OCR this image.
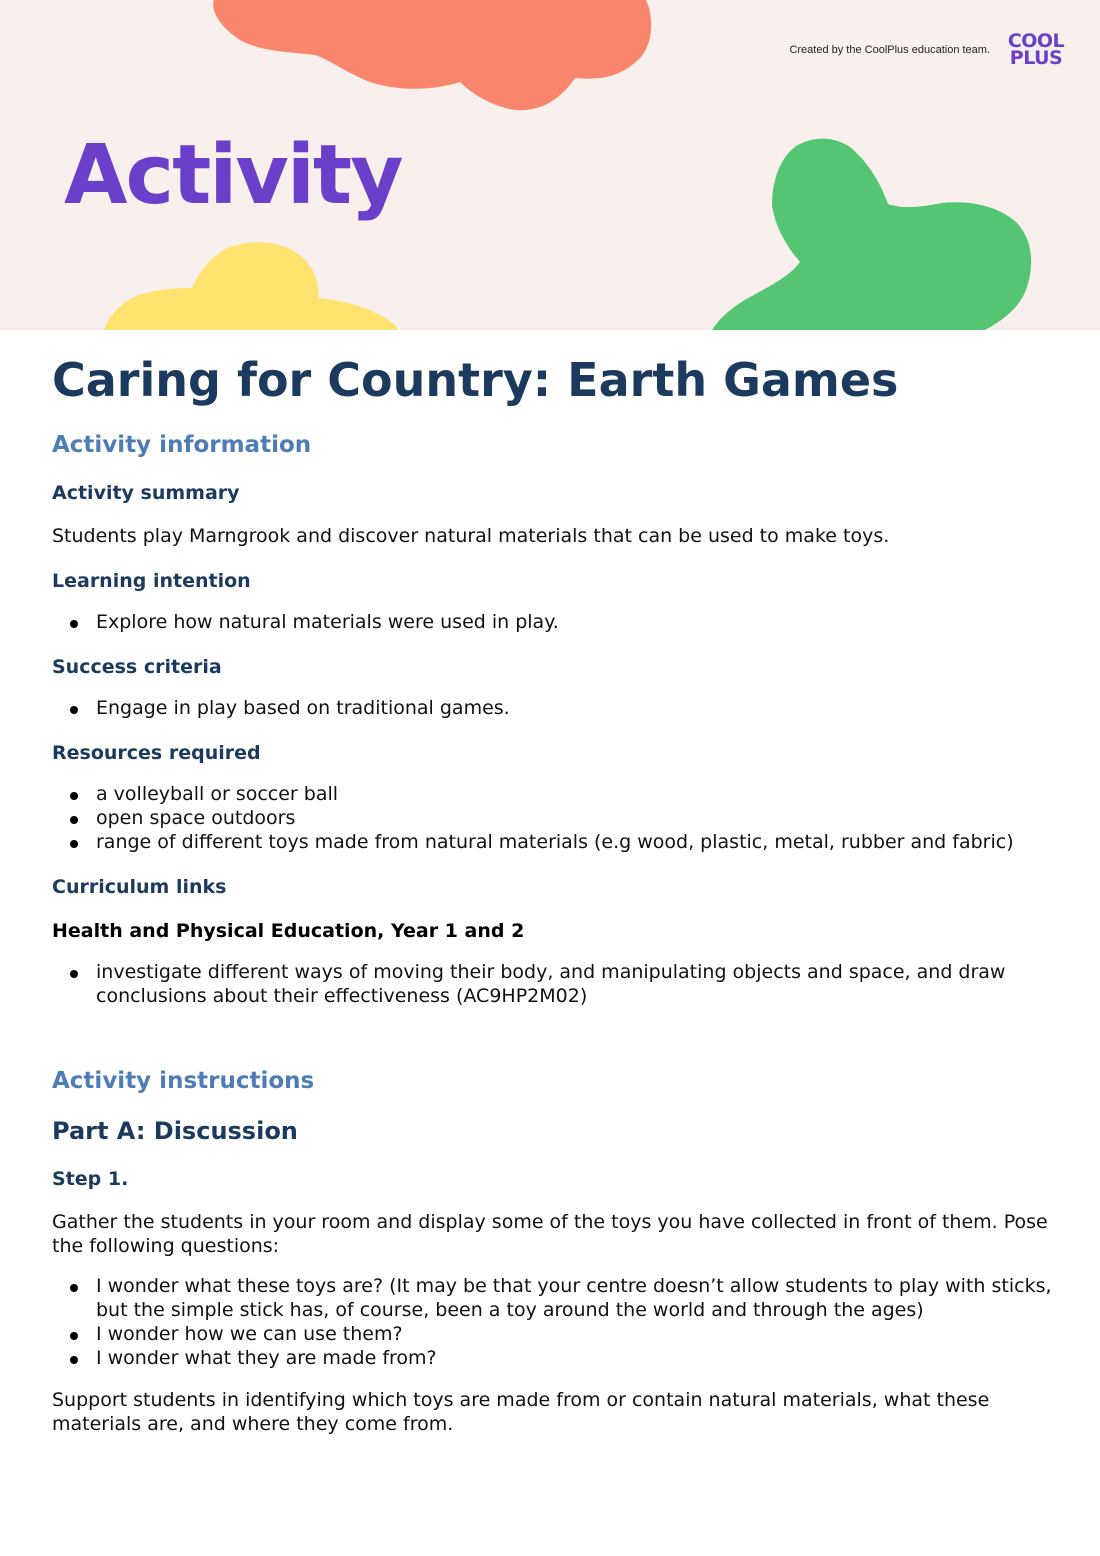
Created by the CoolPlus education team. COOL
PLUS
Activity
Caring for Country: Earth Games
Activity information
Activity summary

Students play Marngrook and discover natural materials that can be used to make toys.

Learning intention
Explore how natural materials were used in play.
Success criteria
Engage in play based on traditional games.
Resources required
a volleyball or soccer ball
open space outdoors
range of different toys made from natural materials (e.g wood, plastic, metal, rubber and fabric)
Curriculum links
Health and Physical Education, Year 1 and 2
investigate different ways of moving their body, and manipulating objects and space, and draw conclusions about their effectiveness (AC9HP2M02)
Activity instructions
Part A: Discussion
Step 1.

Gather the students in your room and display some of the toys you have collected in front of them. Pose the following questions:

I wonder what these toys are? (It may be that your centre doesn’t allow students to play with sticks, but the simple stick has, of course, been a toy around the world and through the ages)
I wonder how we can use them?
I wonder what they are made from?

Support students in identifying which toys are made from or contain natural materials, what these materials are, and where they come from.
